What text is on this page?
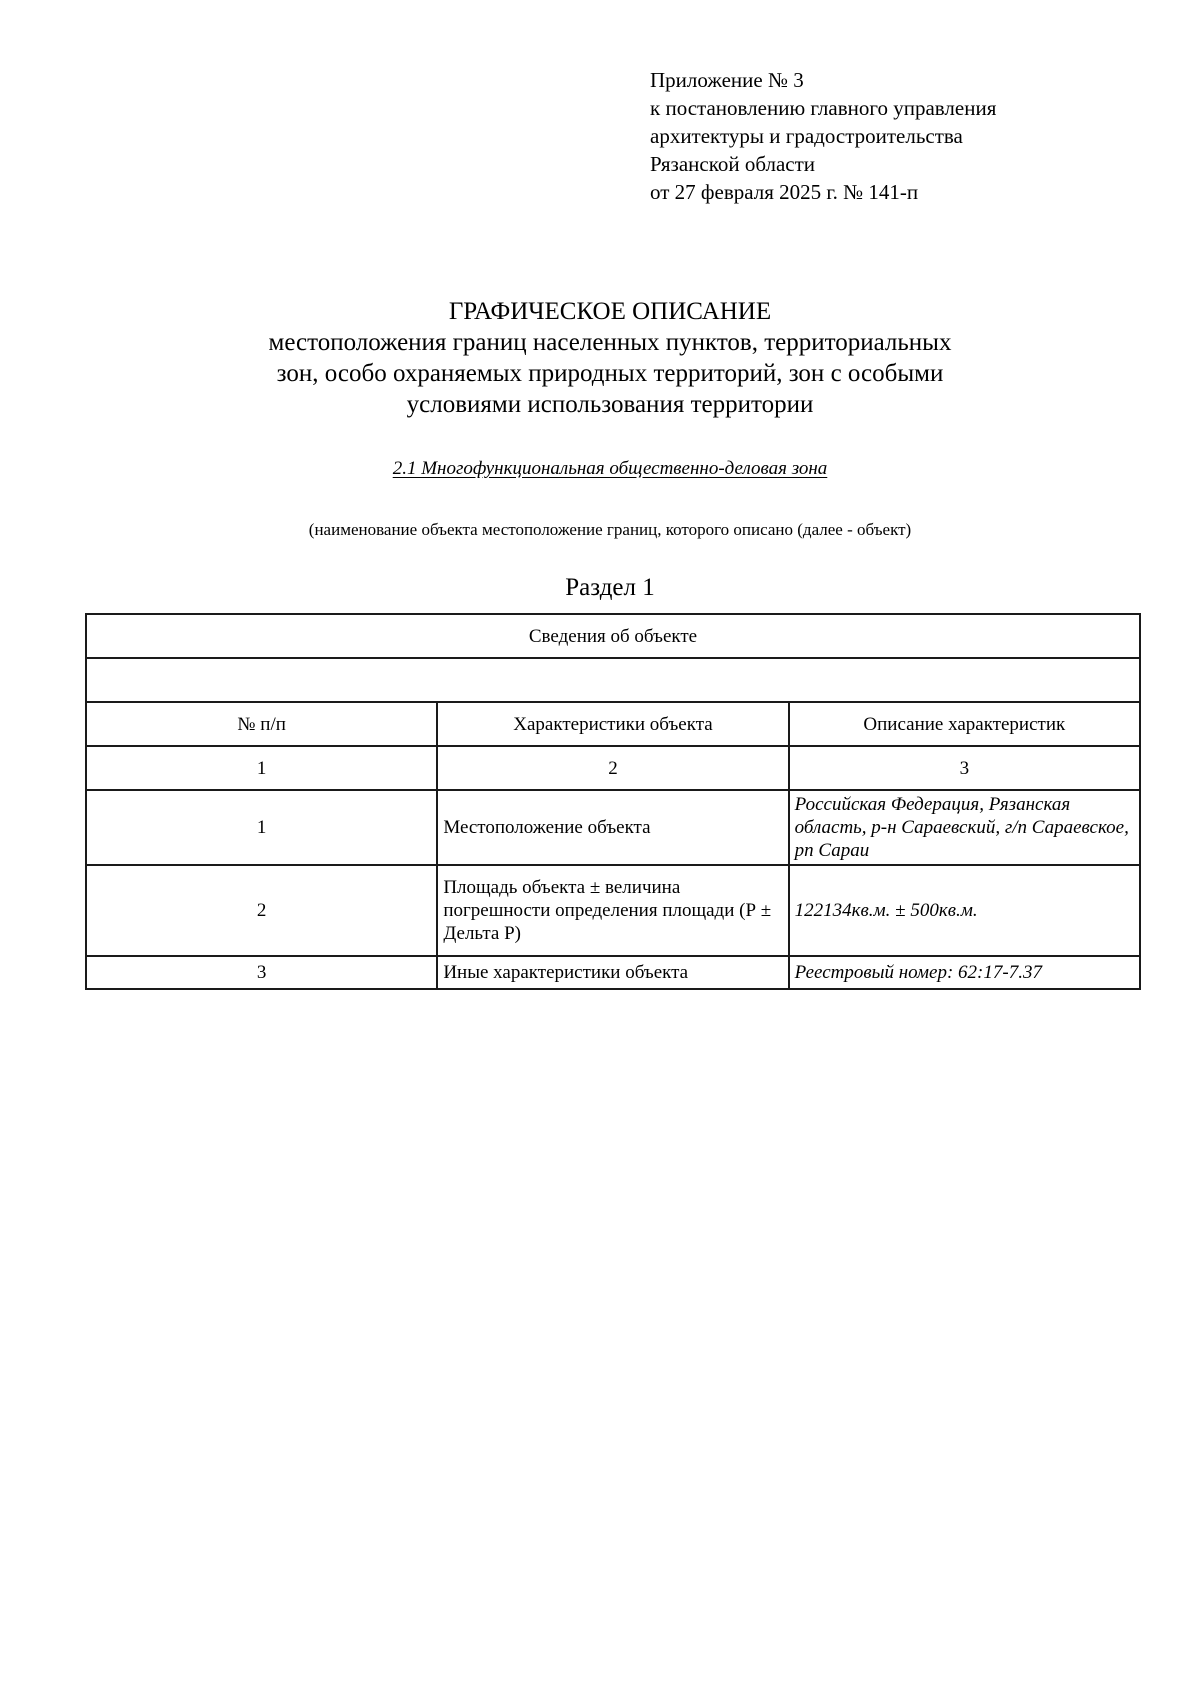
Приложение № 3
к постановлению главного управления
архитектуры и градостроительства
Рязанской области
от 27 февраля 2025 г. № 141-п
ГРАФИЧЕСКОЕ ОПИСАНИЕ
местоположения границ населенных пунктов, территориальных
зон, особо охраняемых природных территорий, зон с особыми
условиями использования территории
2.1 Многофункциональная общественно-деловая зона
(наименование объекта местоположение границ, которого описано (далее - объект)
Раздел 1
Сведения об объекте		

№ п/п	Характеристики объекта	Описание характеристик
1	2	3
1	Местоположение объекта	Российская Федерация, Рязанская область, р-н Сараевский, г/п Сараевское, рп Сараи
2	Площадь объекта ± величина погрешности определения площади (Р ± Дельта Р)	122134кв.м. ± 500кв.м.
3	Иные характеристики объекта	Реестровый номер: 62:17-7.37
